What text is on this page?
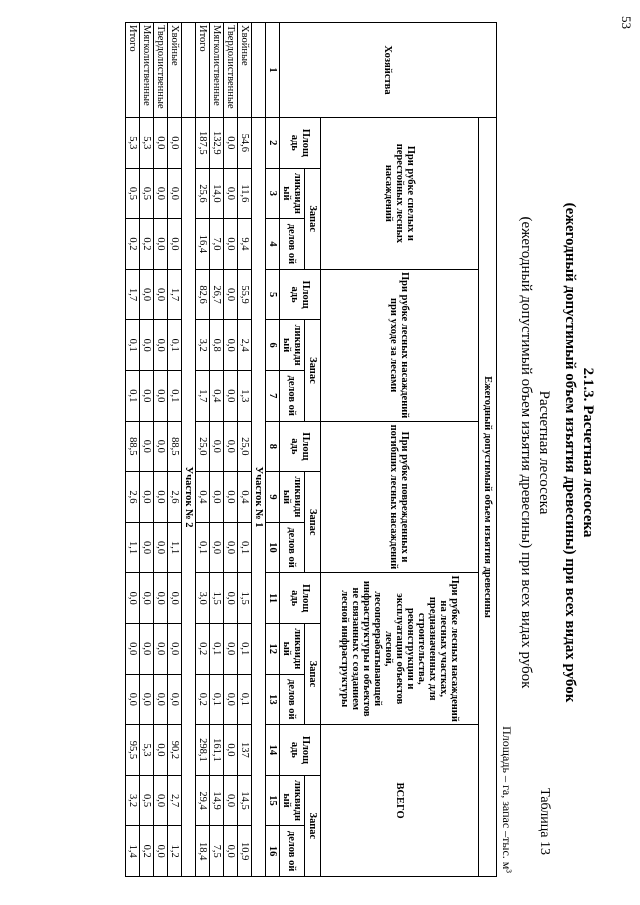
53
2.1.3. Расчетная лесосека
(ежегодный допустимый объем изъятия древесины) при всех видах рубок
Таблица 13
Расчетная лесосека
(ежегодный допустимый объем изъятия древесины) при всех видах рубок
Площадь – га, запас –тыс. м³
Хозяйства	Ежегодный допустимый объем изъятия древесины														
	При рубке спелых и перестойных лесных насаждений			При рубке лесных насаждений при уходе за лесами			При рубке поврежденных и погибших лесных насаждений			При рубке лесных насаждений на лесных участках, предназначенных для строительства, реконструкции и эксплуатации объектов лесной, лесоперерабатывающей инфраструктуры и объектов не связанных с созданием лесной инфраструктуры			ВСЕГО		
	Площ адь	Запас		Площ адь	Запас		Площ адь	Запас		Площ адь	Запас		Площ адь	Запас	
		ликвидн ый	делов ой		ликвидн ый	делов ой		ликвидн ый	делов ой		ликвидн ый	делов ой		ликвидн ый	делов ой
1	2	3	4	5	6	7	8	9	10	11	12	13	14	15	16
	Участок № 1														
Хвойные	54,6	11,6	9,4	55,9	2,4	1,3	25,0	0,4	0,1	1,5	0,1	0,1	137	14,5	10,9
Твердолиственные	0,0	0,0	0,0	0,0	0,0	0,0	0,0	0,0	0,0	0,0	0,0	0,0	0,0	0,0	0,0
Мягколиственные	132,9	14,0	7,0	26,7	0,8	0,4	0,0	0,0	0,0	1,5	0,1	0,1	161,1	14,9	7,5
Итого	187,5	25,6	16,4	82,6	3,2	1,7	25,0	0,4	0,1	3,0	0,2	0,2	298,1	29,4	18,4
	Участок № 2														
Хвойные	0,0	0,0	0,0	1,7	0,1	0,1	88,5	2,6	1,1	0,0	0,0	0,0	90,2	2,7	1,2
Твердолиственные	0,0	0,0	0,0	0,0	0,0	0,0	0,0	0,0	0,0	0,0	0,0	0,0	0,0	0,0	0,0
Мягколиственные	5,3	0,5	0,2	0,0	0,0	0,0	0,0	0,0	0,0	0,0	0,0	0,0	5,3	0,5	0,2
Итого	5,3	0,5	0,2	1,7	0,1	0,1	88,5	2,6	1,1	0,0	0,0	0,0	95,5	3,2	1,4
